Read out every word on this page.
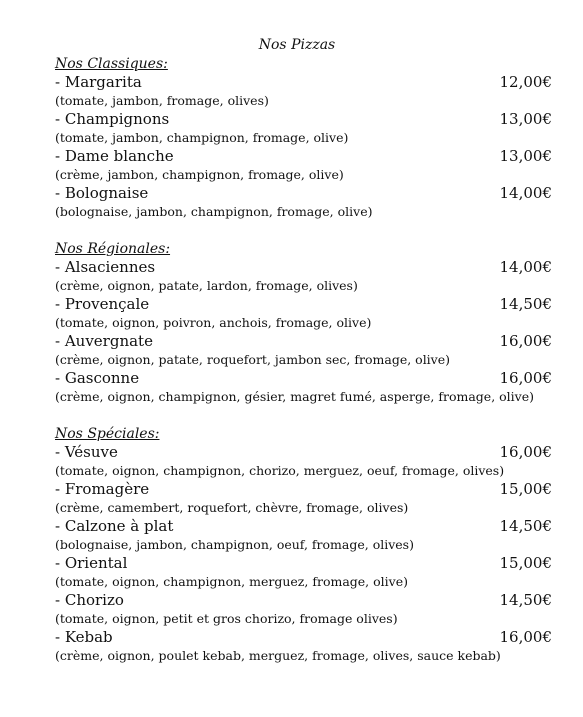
Nos Pizzas
Nos Classiques:
- Margarita	12,00€
(tomate, jambon, fromage, olives)
- Champignons	13,00€
(tomate, jambon, champignon, fromage, olive)
- Dame blanche	13,00€
(crème, jambon, champignon, fromage, olive)
- Bolognaise	14,00€
(bolognaise, jambon, champignon, fromage, olive)
Nos Régionales:
- Alsaciennes	14,00€
(crème, oignon, patate, lardon, fromage, olives)
- Provençale	14,50€
(tomate, oignon, poivron, anchois, fromage, olive)
- Auvergnate	16,00€
(crème, oignon, patate, roquefort, jambon sec, fromage, olive)
- Gasconne	16,00€
(crème, oignon, champignon, gésier, magret fumé, asperge, fromage, olive)
Nos Spéciales:
- Vésuve	16,00€
(tomate, oignon, champignon, chorizo, merguez, oeuf, fromage, olives)
- Fromagère	15,00€
(crème, camembert, roquefort, chèvre, fromage, olives)
- Calzone à plat	14,50€
(bolognaise, jambon, champignon, oeuf, fromage, olives)
- Oriental	15,00€
(tomate, oignon, champignon, merguez, fromage, olive)
- Chorizo	14,50€
(tomate, oignon, petit et gros chorizo, fromage olives)
- Kebab	16,00€
(crème, oignon, poulet kebab, merguez, fromage, olives, sauce kebab)
